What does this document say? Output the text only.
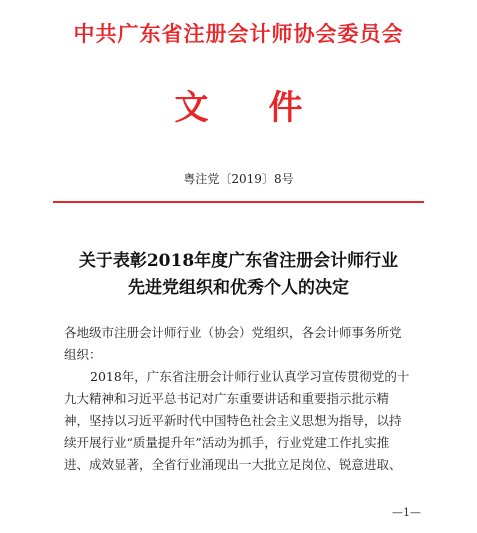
中共广东省注册会计师协会委员会
文件
粤注党〔2019〕8号
关于表彰2018年度广东省注册会计师行业
先进党组织和优秀个人的决定
各地级市注册会计师行业（协会）党组织，各会计师事务所党
组织：
2018年，广东省注册会计师行业认真学习宣传贯彻党的十
九大精神和习近平总书记对广东重要讲话和重要指示批示精
神，坚持以习近平新时代中国特色社会主义思想为指导，以持
续开展行业“质量提升年”活动为抓手，行业党建工作扎实推
进、成效显著，全省行业涌现出一大批立足岗位、锐意进取、
—1—
